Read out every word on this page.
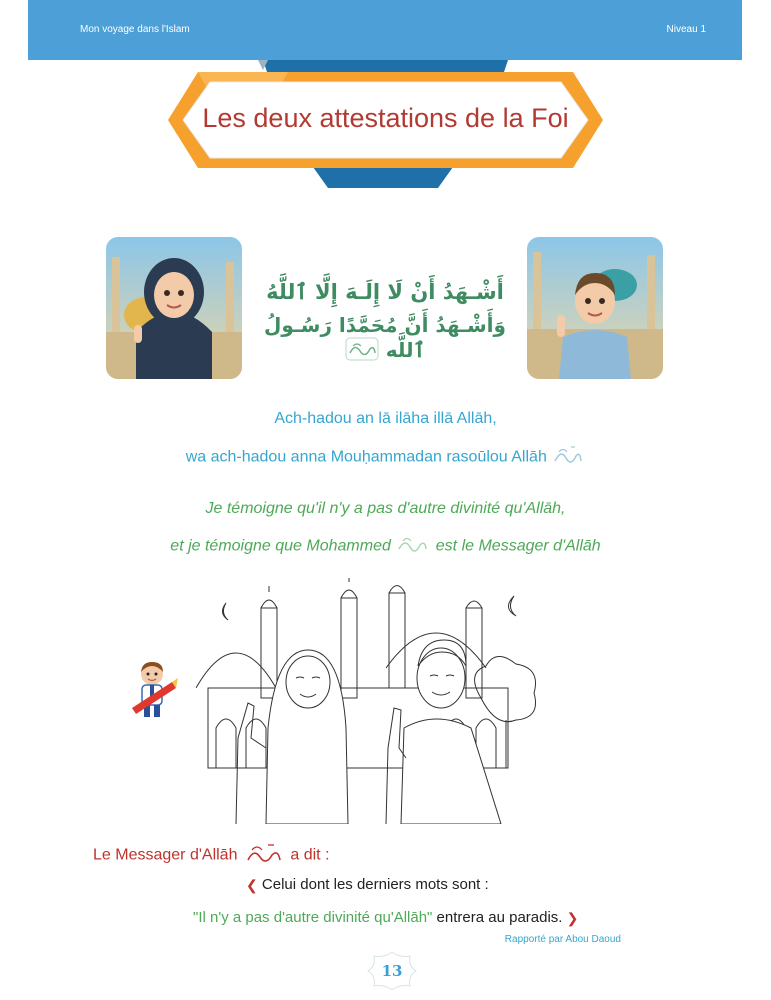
Mon voyage dans l'Islam	Niveau 1
Les deux attestations de la Foi
أَشْـهَدُ أَنْ لَا إِلَـهَ إِلَّا ٱللَّهُ
وَأَشْـهَدُ أَنَّ مُحَمَّدًا رَسُـولُ ٱللَّه
Ach-hadou an lā ilāha illā Allāh,
wa ach-hadou anna Mouḥammadan rasoūlou Allāh
Je témoigne qu'il n'y a pas d'autre divinité qu'Allāh,
et je témoigne que Mohammed	est le Messager d'Allāh
Le Messager d'Allāh	a dit :
❮ Celui dont les derniers mots sont :
"Il n'y a pas d'autre divinité qu'Allāh" entrera au paradis. ❯
Rapporté par Abou Daoud
13
